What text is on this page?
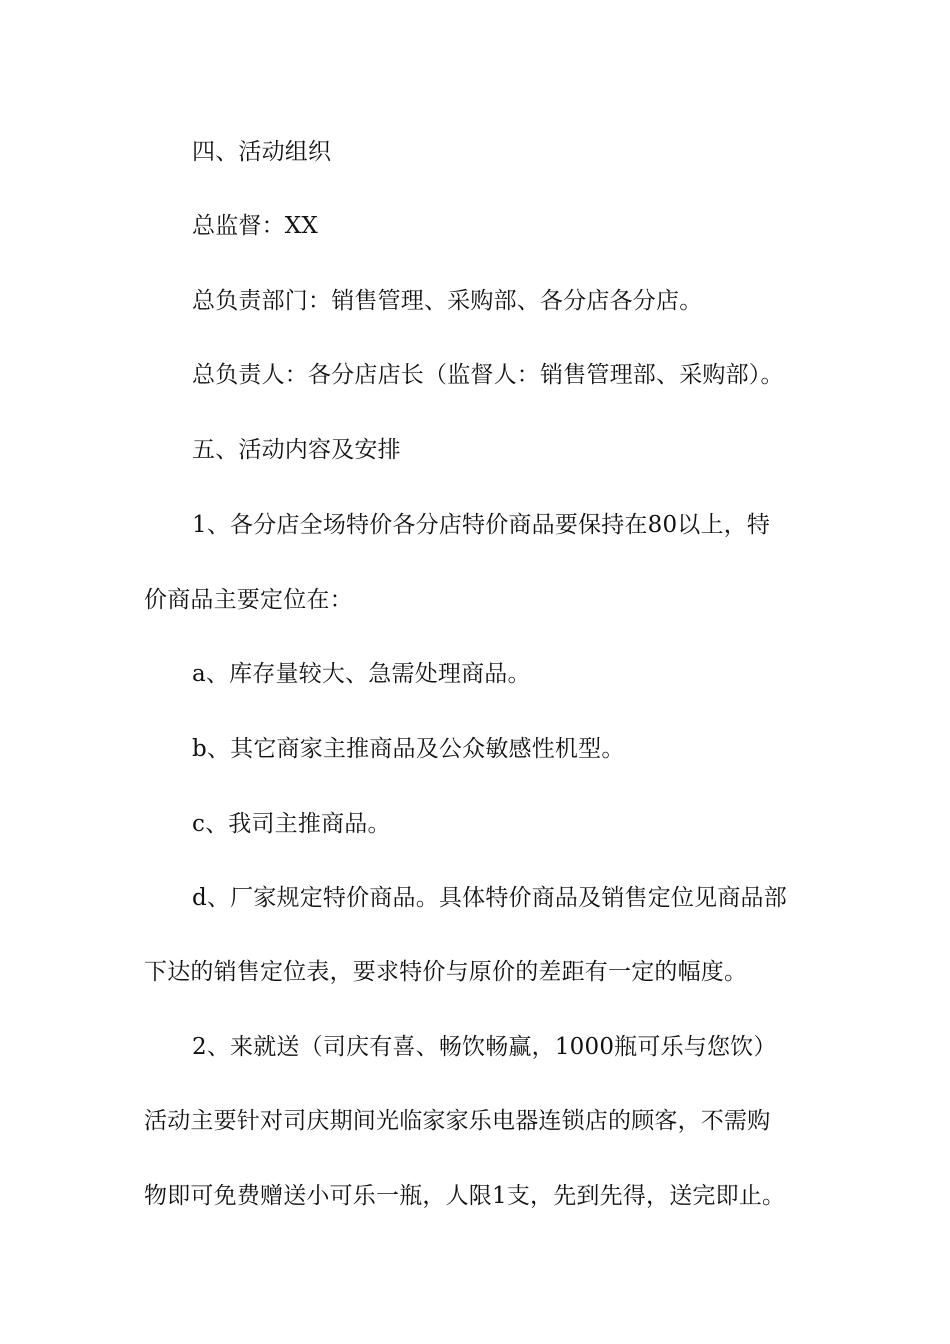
四、活动组织
总监督：XX
总负责部门：销售管理、采购部、各分店各分店。
总负责人：各分店店长（监督人：销售管理部、采购部）。
五、活动内容及安排
1、各分店全场特价各分店特价商品要保持在80以上，特
价商品主要定位在：
a、库存量较大、急需处理商品。
b、其它商家主推商品及公众敏感性机型。
c、我司主推商品。
d、厂家规定特价商品。具体特价商品及销售定位见商品部
下达的销售定位表，要求特价与原价的差距有一定的幅度。
2、来就送（司庆有喜、畅饮畅赢，1000瓶可乐与您饮）
活动主要针对司庆期间光临家家乐电器连锁店的顾客，不需购
物即可免费赠送小可乐一瓶，人限1支，先到先得，送完即止。
